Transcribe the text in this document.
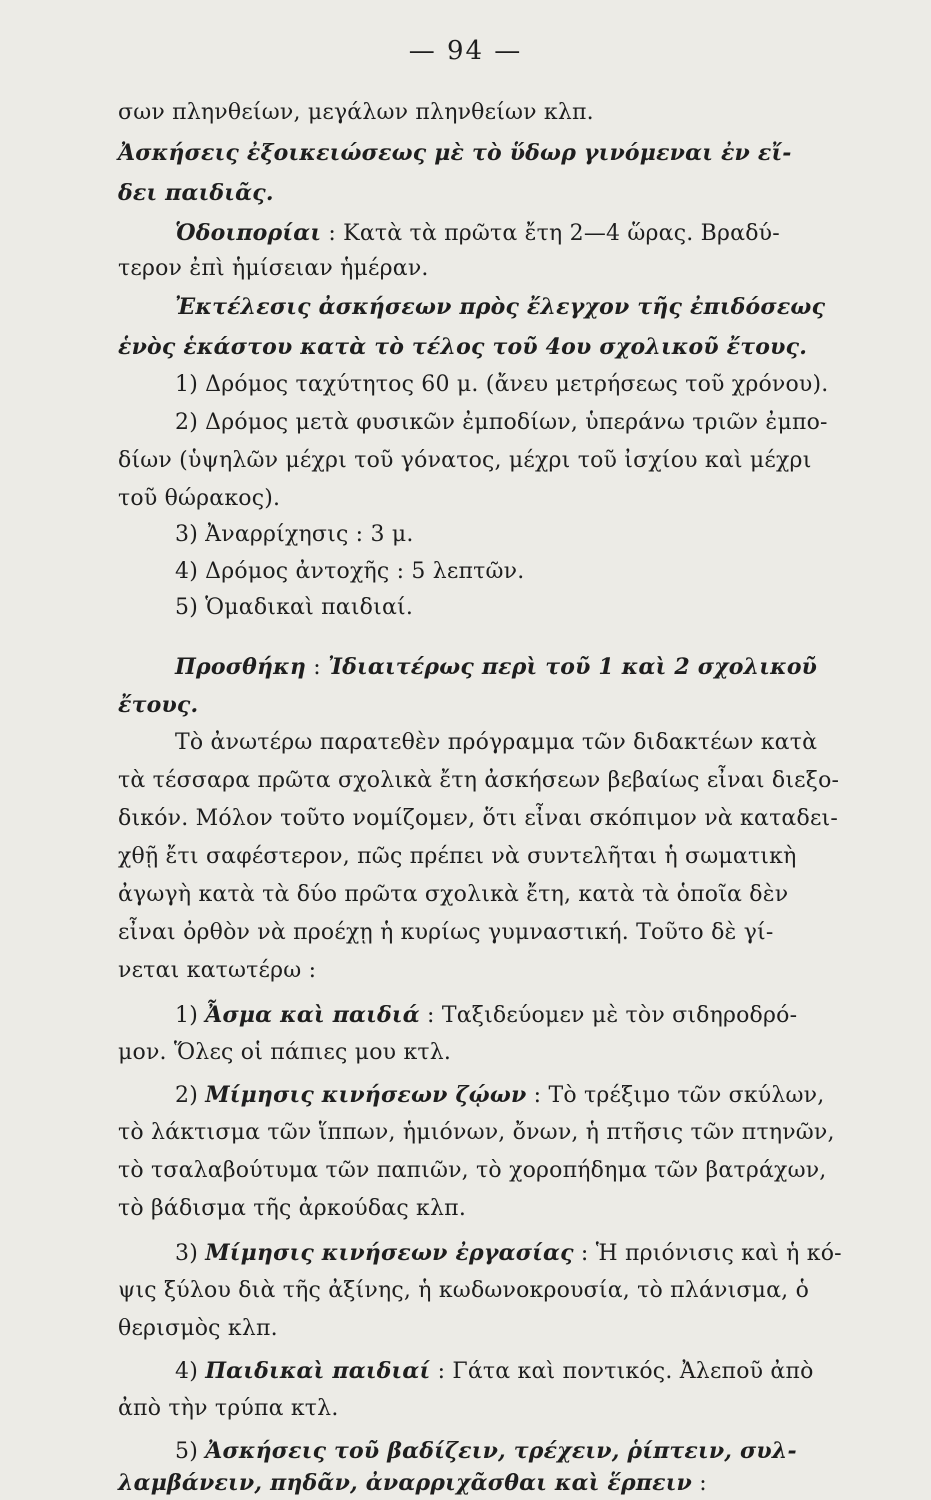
— 94 —
σων πληνθείων, μεγάλων πληνθείων κλπ.
Ἀσκήσεις ἐξοικειώσεως μὲ τὸ ὕδωρ γινόμεναι ἐν εἴ-
δει παιδιᾶς.
Ὁδοιπορίαι : Κατὰ τὰ πρῶτα ἔτη 2—4 ὥρας. Βραδύ-
τερον ἐπὶ ἡμίσειαν ἡμέραν.
Ἐκτέλεσις ἀσκήσεων πρὸς ἔλεγχον τῆς ἐπιδόσεως
ἑνὸς ἑκάστου κατὰ τὸ τέλος τοῦ 4ου σχολικοῦ ἔτους.
1) Δρόμος ταχύτητος 60 μ. (ἄνευ μετρήσεως τοῦ χρόνου).
2) Δρόμος μετὰ φυσικῶν ἐμποδίων, ὑπεράνω τριῶν ἐμπο-
δίων (ὑψηλῶν μέχρι τοῦ γόνατος, μέχρι τοῦ ἰσχίου καὶ μέχρι
τοῦ θώρακος).
3) Ἀναρρίχησις : 3 μ.
4) Δρόμος ἀντοχῆς : 5 λεπτῶν.
5) Ὁμαδικαὶ παιδιαί.
Προσθήκη : Ἰδιαιτέρως περὶ τοῦ 1 καὶ 2 σχολικοῦ
ἔτους.
Τὸ ἀνωτέρω παρατεθὲν πρόγραμμα τῶν διδακτέων κατὰ
τὰ τέσσαρα πρῶτα σχολικὰ ἔτη ἀσκήσεων βεβαίως εἶναι διεξο-
δικόν. Μόλον τοῦτο νομίζομεν, ὅτι εἶναι σκόπιμον νὰ καταδει-
χθῇ ἔτι σαφέστερον, πῶς πρέπει νὰ συντελῆται ἡ σωματικὴ
ἀγωγὴ κατὰ τὰ δύο πρῶτα σχολικὰ ἔτη, κατὰ τὰ ὁποῖα δὲν
εἶναι ὀρθὸν νὰ προέχῃ ἡ κυρίως γυμναστική. Τοῦτο δὲ γί-
νεται κατωτέρω :
1) Ἆσμα καὶ παιδιά : Ταξιδεύομεν μὲ τὸν σιδηροδρό-
μον. Ὅλες οἱ πάπιες μου κτλ.
2) Μίμησις κινήσεων ζῴων : Τὸ τρέξιμο τῶν σκύλων,
τὸ λάκτισμα τῶν ἵππων, ἡμιόνων, ὄνων, ἡ πτῆσις τῶν πτηνῶν,
τὸ τσαλαβούτυμα τῶν παπιῶν, τὸ χοροπήδημα τῶν βατράχων,
τὸ βάδισμα τῆς ἀρκούδας κλπ.
3) Μίμησις κινήσεων ἐργασίας : Ἡ πριόνισις καὶ ἡ κό-
ψις ξύλου διὰ τῆς ἀξίνης, ἡ κωδωνοκρουσία, τὸ πλάνισμα, ὁ
θερισμὸς κλπ.
4) Παιδικαὶ παιδιαί : Γάτα καὶ ποντικός. Ἀλεποῦ ἀπὸ
ἀπὸ τὴν τρύπα κτλ.
5) Ἀσκήσεις τοῦ βαδίζειν, τρέχειν, ῥίπτειν, συλ-
λαμβάνειν, πηδᾶν, ἀναρριχᾶσθαι καὶ ἕρπειν :
